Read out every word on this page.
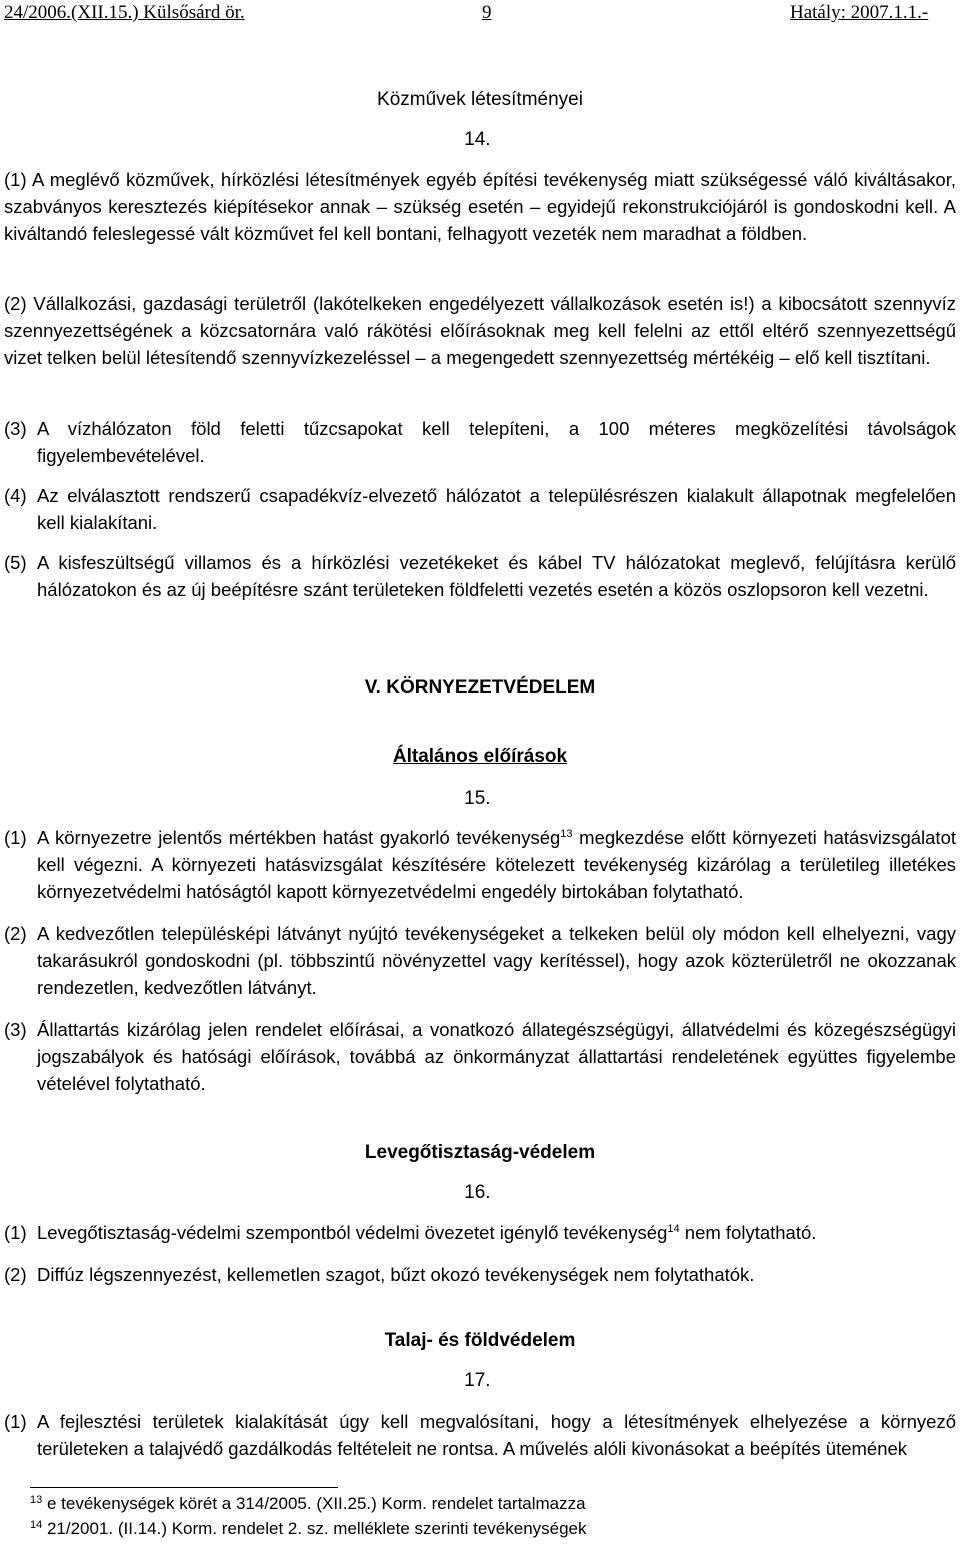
24/2006.(XII.15.) Külsősárd ör.	9	Hatály: 2007.1.1.-
Közművek létesítményei
14.
(1) A meglévő közművek, hírközlési létesítmények egyéb építési tevékenység miatt szükségessé váló kiváltásakor, szabványos keresztezés kiépítésekor annak – szükség esetén – egyidejű rekonstrukciójáról is gondoskodni kell. A kiváltandó feleslegessé vált közművet fel kell bontani, felhagyott vezeték nem maradhat a földben.
(2) Vállalkozási, gazdasági területről (lakótelkeken engedélyezett vállalkozások esetén is!) a kibocsátott szennyvíz szennyezettségének a közcsatornára való rákötési előírásoknak meg kell felelni az ettől eltérő szennyezettségű vizet telken belül létesítendő szennyvízkezeléssel – a megengedett szennyezettség mértékéig – elő kell tisztítani.
(3) A vízhálózaton föld feletti tűzcsapokat kell telepíteni, a 100 méteres megközelítési távolságok figyelembevételével.
(4) Az elválasztott rendszerű csapadékvíz-elvezető hálózatot a településrészen kialakult állapotnak megfelelően kell kialakítani.
(5) A kisfeszültségű villamos és a hírközlési vezetékeket és kábel TV hálózatokat meglevő, felújításra kerülő hálózatokon és az új beépítésre szánt területeken földfeletti vezetés esetén a közös oszlopsoron kell vezetni.
V. KÖRNYEZETVÉDELEM
Általános előírások
15.
(1) A környezetre jelentős mértékben hatást gyakorló tevékenység$^{13}$ megkezdése előtt környezeti hatásvizsgálatot kell végezni. A környezeti hatásvizsgálat készítésére kötelezett tevékenység kizárólag a területileg illetékes környezetvédelmi hatóságtól kapott környezetvédelmi engedély birtokában folytatható.
(2) A kedvezőtlen településképi látványt nyújtó tevékenységeket a telkeken belül oly módon kell elhelyezni, vagy takarásukról gondoskodni (pl. többszintű növényzettel vagy kerítéssel), hogy azok közterületről ne okozzanak rendezetlen, kedvezőtlen látványt.
(3) Állattartás kizárólag jelen rendelet előírásai, a vonatkozó állategészségügyi, állatvédelmi és közegészségügyi jogszabályok és hatósági előírások, továbbá az önkormányzat állattartási rendeletének együttes figyelembe vételével folytatható.
Levegőtisztaság-védelem
16.
(1) Levegőtisztaság-védelmi szempontból védelmi övezetet igénylő tevékenység$^{14}$ nem folytatható.
(2) Diffúz légszennyezést, kellemetlen szagot, bűzt okozó tevékenységek nem folytathatók.
Talaj- és földvédelem
17.
(1) A fejlesztési területek kialakítását úgy kell megvalósítani, hogy a létesítmények elhelyezése a környező területeken a talajvédő gazdálkodás feltételeit ne rontsa. A művelés alóli kivonásokat a beépítés ütemének
$^{13}$ e tevékenységek körét a 314/2005. (XII.25.) Korm. rendelet tartalmazza
$^{14}$ 21/2001. (II.14.) Korm. rendelet 2. sz. melléklete szerinti tevékenységek
